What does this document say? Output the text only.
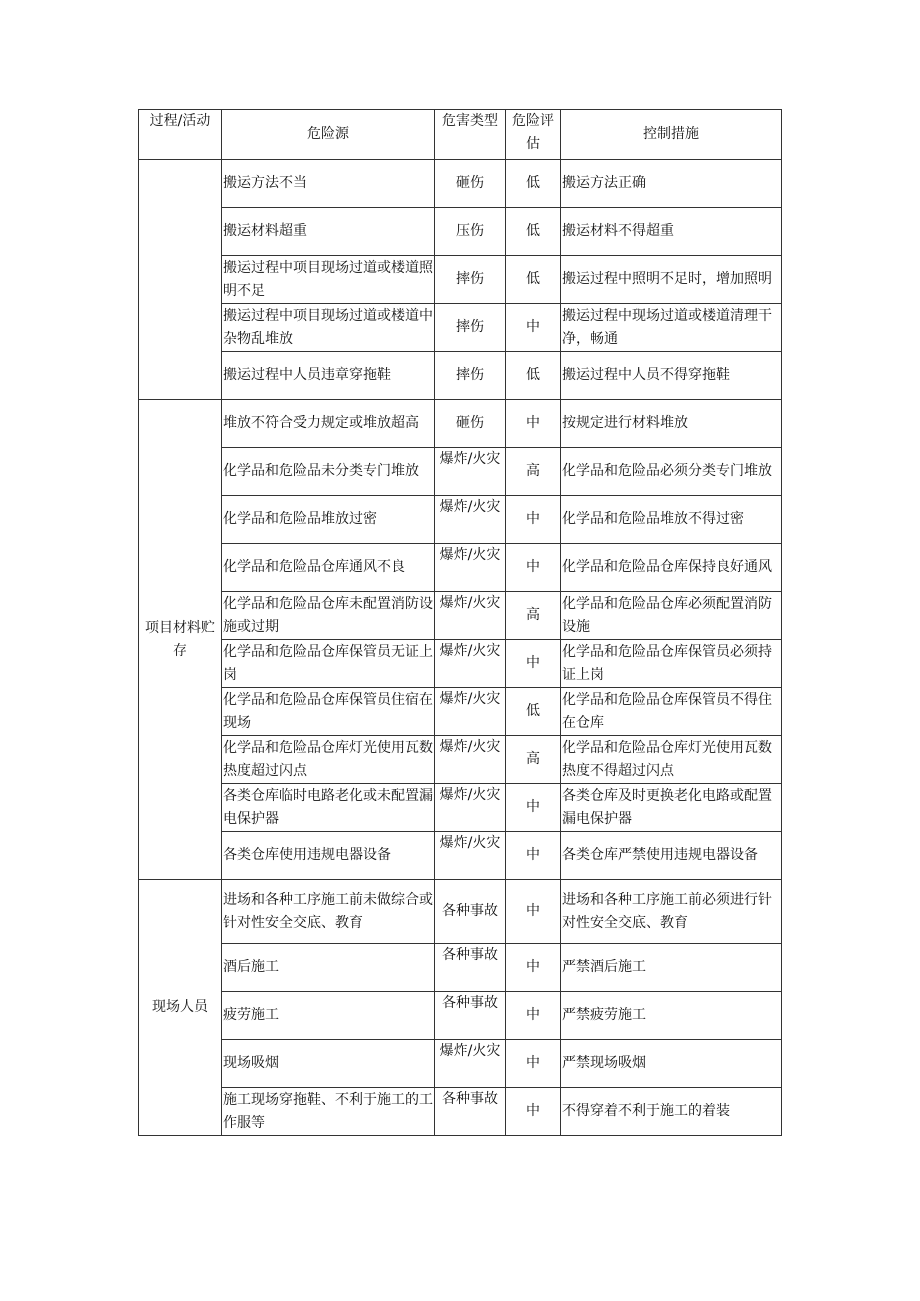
过程/活动	危险源	危害类型	危险评估	控制措施
	搬运方法不当	砸伤	低	搬运方法正确
	搬运材料超重	压伤	低	搬运材料不得超重
	搬运过程中项目现场过道或楼道照明不足	摔伤	低	搬运过程中照明不足时，增加照明
	搬运过程中项目现场过道或楼道中杂物乱堆放	摔伤	中	搬运过程中现场过道或楼道清理干净，畅通
	搬运过程中人员违章穿拖鞋	摔伤	低	搬运过程中人员不得穿拖鞋
项目材料贮存	堆放不符合受力规定或堆放超高	砸伤	中	按规定进行材料堆放
	化学品和危险品未分类专门堆放	爆炸/火灾	高	化学品和危险品必须分类专门堆放
	化学品和危险品堆放过密	爆炸/火灾	中	化学品和危险品堆放不得过密
	化学品和危险品仓库通风不良	爆炸/火灾	中	化学品和危险品仓库保持良好通风
	化学品和危险品仓库未配置消防设施或过期	爆炸/火灾	高	化学品和危险品仓库必须配置消防设施
	化学品和危险品仓库保管员无证上岗	爆炸/火灾	中	化学品和危险品仓库保管员必须持证上岗
	化学品和危险品仓库保管员住宿在现场	爆炸/火灾	低	化学品和危险品仓库保管员不得住在仓库
	化学品和危险品仓库灯光使用瓦数热度超过闪点	爆炸/火灾	高	化学品和危险品仓库灯光使用瓦数热度不得超过闪点
	各类仓库临时电路老化或未配置漏电保护器	爆炸/火灾	中	各类仓库及时更换老化电路或配置漏电保护器
	各类仓库使用违规电器设备	爆炸/火灾	中	各类仓库严禁使用违规电器设备
现场人员	进场和各种工序施工前未做综合或针对性安全交底、教育	各种事故	中	进场和各种工序施工前必须进行针对性安全交底、教育
	酒后施工	各种事故	中	严禁酒后施工
	疲劳施工	各种事故	中	严禁疲劳施工
	现场吸烟	爆炸/火灾	中	严禁现场吸烟
	施工现场穿拖鞋、不利于施工的工作服等	各种事故	中	不得穿着不利于施工的着装
